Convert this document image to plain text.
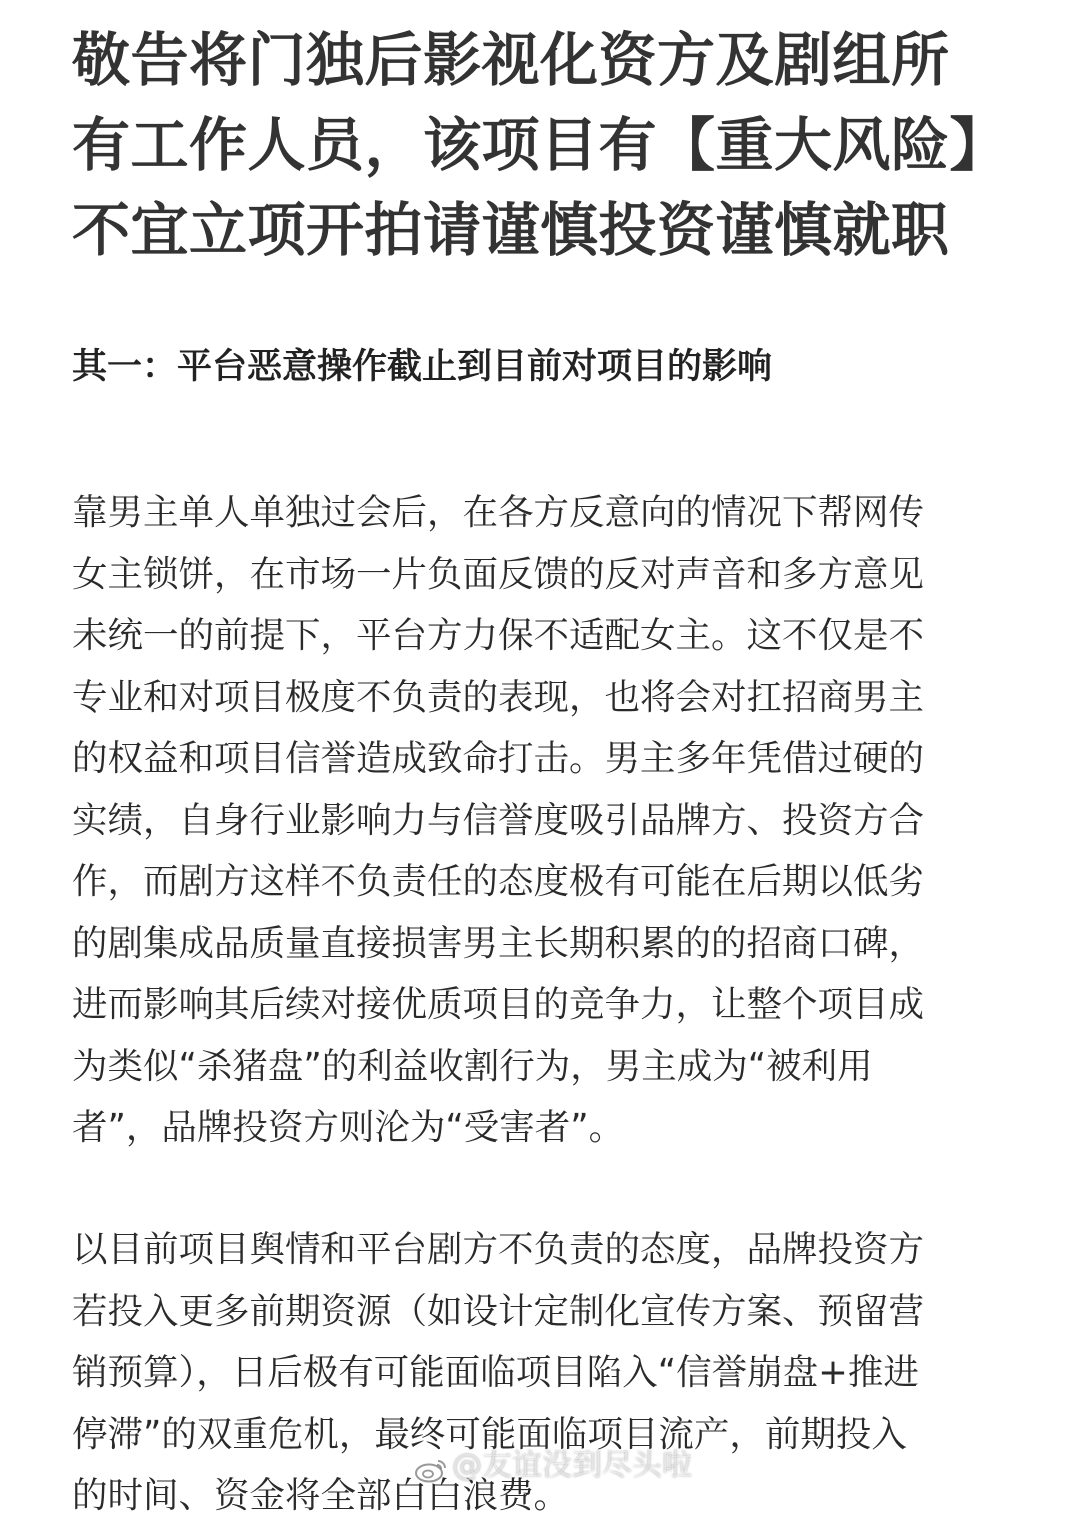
敬告将门独后影视化资方及剧组所
有工作人员，该项目有【重大风险】
不宜立项开拍请谨慎投资谨慎就职
其一：平台恶意操作截止到目前对项目的影响

靠男主单人单独过会后，在各方反意向的情况下帮网传
女主锁饼，在市场一片负面反馈的反对声音和多方意见
未统一的前提下，平台方力保不适配女主。这不仅是不
专业和对项目极度不负责的表现，也将会对扛招商男主
的权益和项目信誉造成致命打击。男主多年凭借过硬的
实绩，自身行业影响力与信誉度吸引品牌方、投资方合
作，而剧方这样不负责任的态度极有可能在后期以低劣
的剧集成品质量直接损害男主长期积累的的招商口碑，
进而影响其后续对接优质项目的竞争力，让整个项目成
为类似“杀猪盘”的利益收割行为，男主成为“被利用
者”，品牌投资方则沦为“受害者”。

以目前项目舆情和平台剧方不负责的态度，品牌投资方
若投入更多前期资源（如设计定制化宣传方案、预留营
销预算），日后极有可能面临项目陷入“信誉崩盘+推进
停滞”的双重危机，最终可能面临项目流产，前期投入
的时间、资金将全部白白浪费。

@友谊没到尽头啦
